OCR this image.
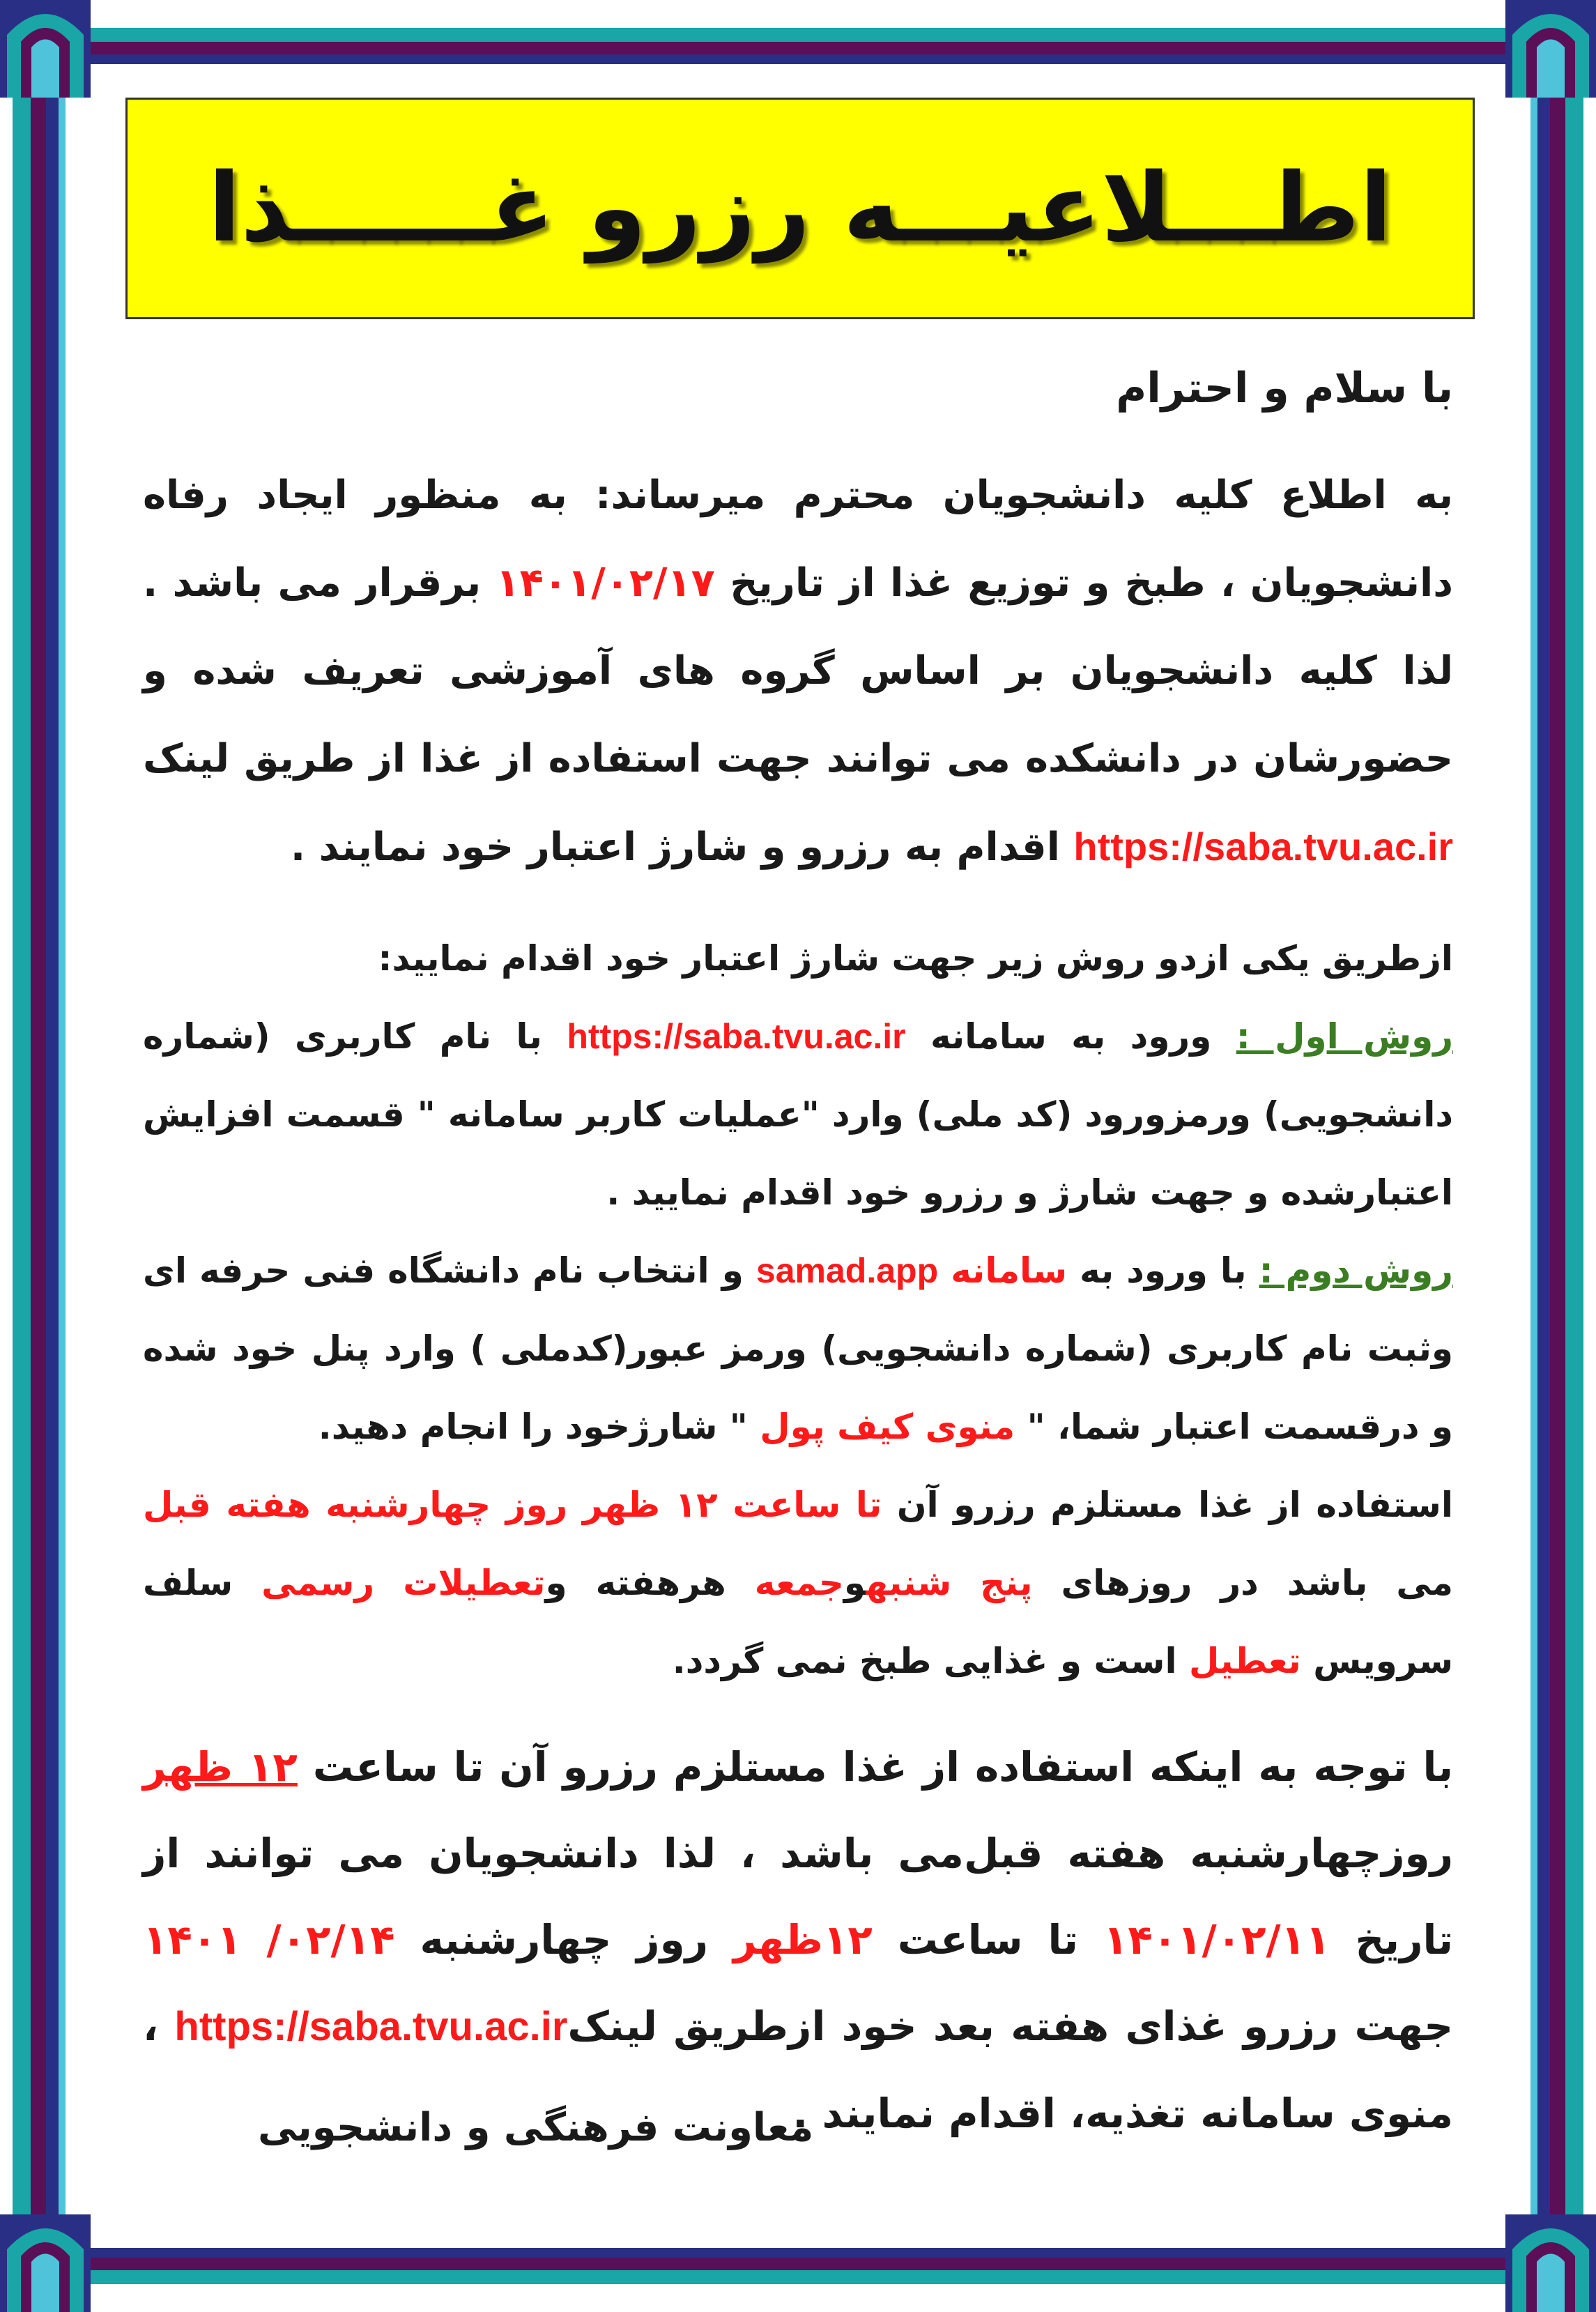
اطـــلاعیـــه رزرو غــــــذا
با سلام و احترام

به اطلاع کلیه دانشجویان محترم میرساند: به منظور ایجاد رفاه دانشجویان ، طبخ و توزیع غذا از تاریخ ۱۴۰۱/۰۲/۱۷ برقرار می باشد . لذا کلیه دانشجویان بر اساس گروه های آموزشی تعریف شده و حضورشان در دانشکده می توانند جهت استفاده از غذا از طریق لینک https://saba.tvu.ac.ir اقدام به رزرو و شارژ اعتبار خود نمایند .

ازطریق یکی ازدو روش زیر جهت شارژ اعتبار خود اقدام نمایید:
روش اول : ورود به سامانه https://saba.tvu.ac.ir با نام کاربری (شماره دانشجویی) ورمزورود (کد ملی) وارد "عملیات کاربر سامانه " قسمت افزایش اعتبارشده و جهت شارژ و رزرو خود اقدام نمایید .
روش دوم : با ورود به سامانه samad.app و انتخاب نام دانشگاه فنی حرفه ای وثبت نام کاربری (شماره دانشجویی) ورمز عبور(کدملی ) وارد پنل خود شده و درقسمت اعتبار شما، " منوی کیف پول " شارژخود را انجام دهید.
استفاده از غذا مستلزم رزرو آن تا ساعت ۱۲ ظهر روز چهارشنبه هفته قبل می باشد در روزهای پنج شنبهوجمعه هرهفته وتعطیلات رسمی سلف سرویس تعطیل است و غذایی طبخ نمی گردد.

با توجه به اینکه استفاده از غذا مستلزم رزرو آن تا ساعت ۱۲ ظهر روزچهارشنبه هفته قبل‌می باشد ، لذا دانشجویان می توانند از تاریخ ۱۴۰۱/۰۲/۱۱ تا ساعت ۱۲ظهر روز چهارشنبه ۱۴۰۱ /۰۲/۱۴ جهت رزرو غذای هفته بعد خود ازطریق لینکhttps://saba.tvu.ac.ir ، منوی سامانه تغذیه، اقدام نمایند .

معاونت فرهنگی و دانشجویی
